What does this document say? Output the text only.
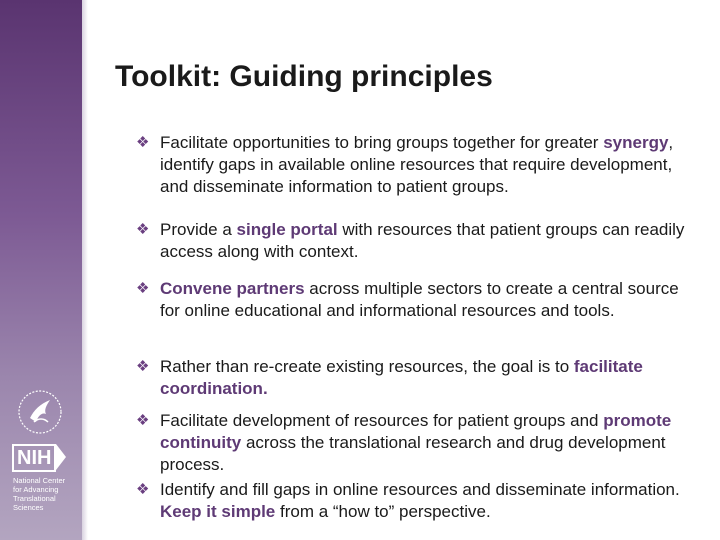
NIH
National Center
for Advancing
Translational Sciences
Toolkit: Guiding principles
❖ Facilitate opportunities to bring groups together for greater synergy, identify gaps in available online resources that require development, and disseminate information to patient groups.
❖ Provide a single portal with resources that patient groups can readily access along with context.
❖ Convene partners across multiple sectors to create a central source for online educational and informational resources and tools.
❖ Rather than re-create existing resources, the goal is to facilitate coordination.
❖ Facilitate development of resources for patient groups and promote continuity across the translational research and drug development process.
❖ Identify and fill gaps in online resources and disseminate information. Keep it simple from a “how to” perspective.
